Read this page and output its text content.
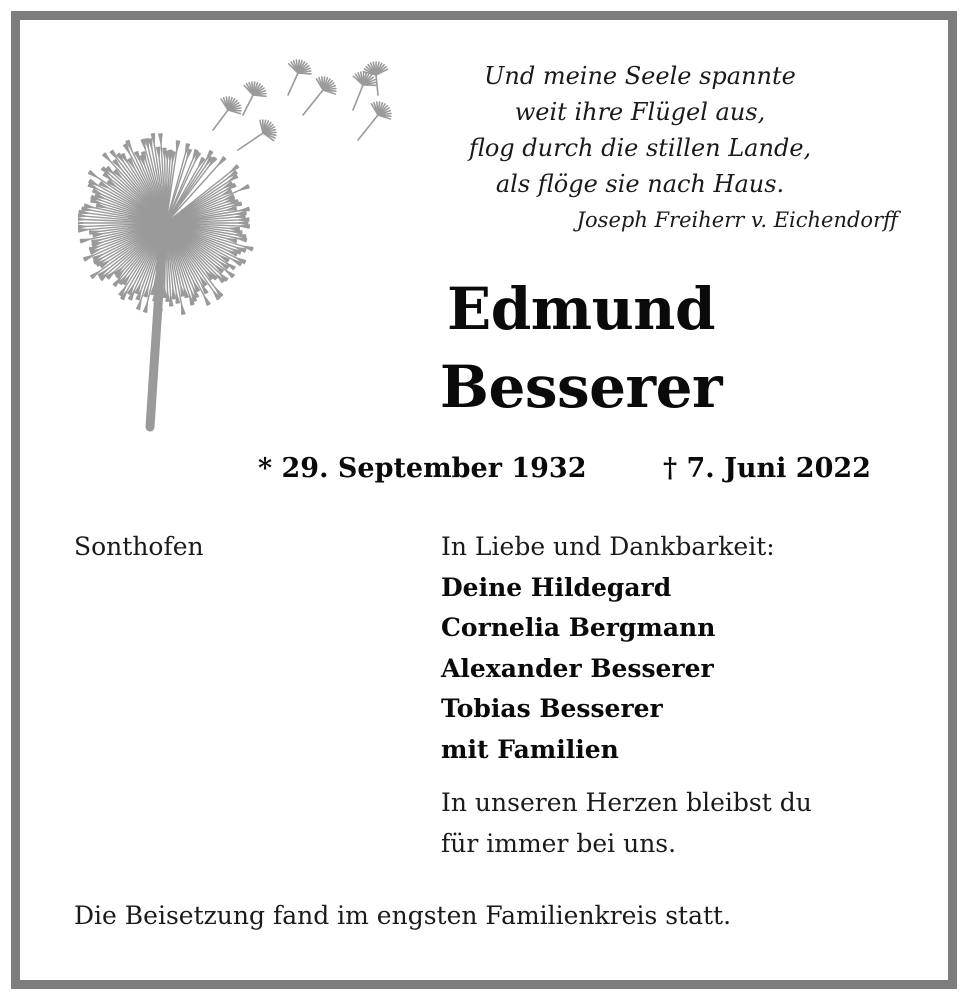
Und meine Seele spannte
weit ihre Flügel aus,
flog durch die stillen Lande,
als flöge sie nach Haus.
Joseph Freiherr v. Eichendorff
Edmund
Besserer
* 29. September 1932	† 7. Juni 2022
Sonthofen	In Liebe und Dankbarkeit:
Deine Hildegard
Cornelia Bergmann
Alexander Besserer
Tobias Besserer
mit Familien
In unseren Herzen bleibst du
für immer bei uns.
Die Beisetzung fand im engsten Familienkreis statt.
